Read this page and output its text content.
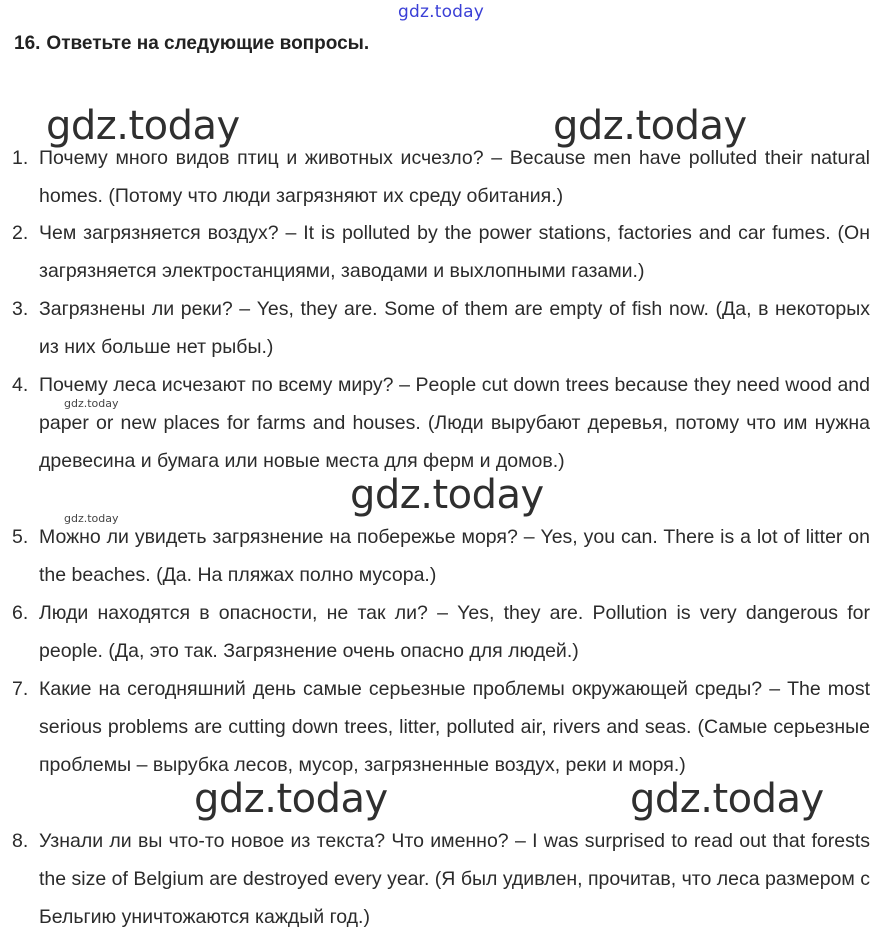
gdz.today
16. Ответьте на следующие вопросы.
1. Почему много видов птиц и животных исчезло? – Because men have polluted their natural homes. (Потому что люди загрязняют их среду обитания.)
2. Чем загрязняется воздух? – It is polluted by the power stations, factories and car fumes. (Он загрязняется электростанциями, заводами и выхлопными газами.)
3. Загрязнены ли реки? – Yes, they are. Some of them are empty of fish now. (Да, в некоторых из них больше нет рыбы.)
4. Почему леса исчезают по всему миру? – People cut down trees because they need wood and paper or new places for farms and houses. (Люди вырубают деревья, потому что им нужна древесина и бумага или новые места для ферм и домов.)
5. Можно ли увидеть загрязнение на побережье моря? – Yes, you can. There is a lot of litter on the beaches. (Да. На пляжах полно мусора.)
6. Люди находятся в опасности, не так ли? – Yes, they are. Pollution is very dangerous for people. (Да, это так. Загрязнение очень опасно для людей.)
7. Какие на сегодняшний день самые серьезные проблемы окружающей среды? – The most serious problems are cutting down trees, litter, polluted air, rivers and seas. (Самые серьезные проблемы – вырубка лесов, мусор, загрязненные воздух, реки и моря.)
8. Узнали ли вы что-то новое из текста? Что именно? – I was surprised to read out that forests the size of Belgium are destroyed every year. (Я был удивлен, прочитав, что леса размером с Бельгию уничтожаются каждый год.)
gdz.today	gdz.today
gdz.today
gdz.today	gdz.today
gdz.today
gdz.today
